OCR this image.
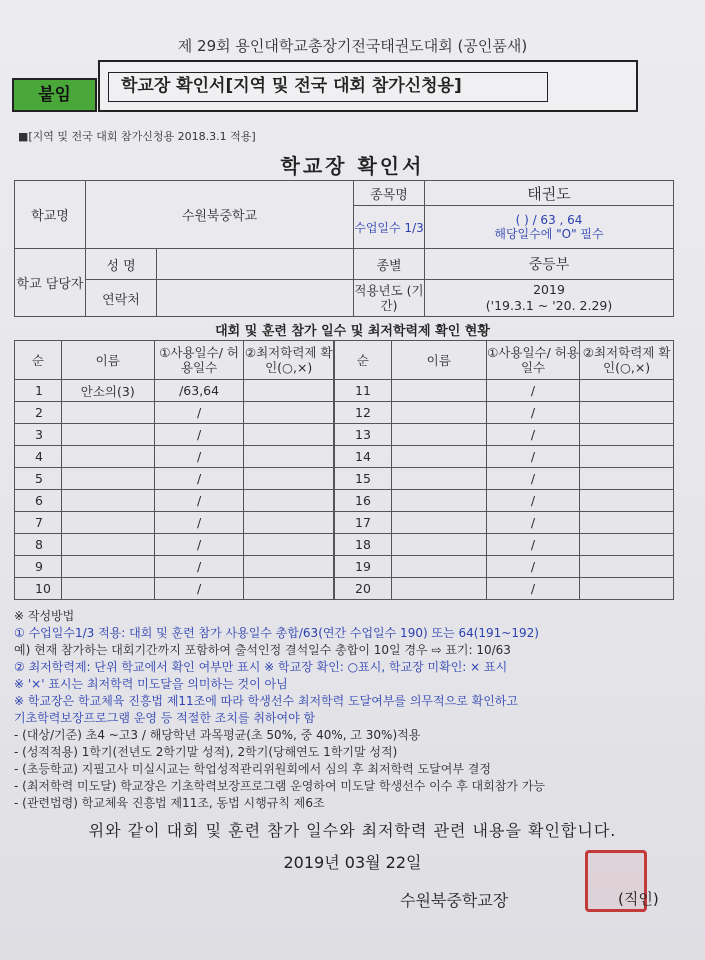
제 29회 용인대학교총장기전국태권도대회 (공인품새)
붙임	학교장 확인서[지역 및 전국 대회 참가신청용]
■[지역 및 전국 대회 참가신청용 2018.3.1 적용]
학교장 확인서
학교명	수원북중학교		종목명	태권도
			수업일수 1/3	( ) / 63 , 64
해당일수에 "O" 필수

학교 담당자	성 명		종별	중등부
	연락처		적용년도 (기간)	2019
('19.3.1 ~ '20. 2.29)
대회 및 훈련 참가 일수 및 최저학력제 확인 현황
순	이름	①사용일수/ 허용일수	②최저학력제 확인(○,×)
1	안소의(3)	/63,64	
2		/	
3		/	
4		/	
5		/	
6		/	
7		/	
8		/	
9		/	
10		/	
순	이름	①사용일수/ 허용일수	②최저학력제 확인(○,×)
11		/	
12		/	
13		/	
14		/	
15		/	
16		/	
17		/	
18		/	
19		/	
20		/	
※ 작성방법
① 수업일수1/3 적용: 대회 및 훈련 참가 사용일수 총합/63(연간 수업일수 190) 또는 64(191~192)
예) 현재 참가하는 대회기간까지 포함하여 출석인정 결석일수 총합이 10일 경우 ⇨ 표기: 10/63
② 최저학력제: 단위 학교에서 확인 여부만 표시 ※ 학교장 확인: ○표시, 학교장 미확인: × 표시
※ '×' 표시는 최저학력 미도달을 의미하는 것이 아님
※ 학교장은 학교체육 진흥법 제11조에 따라 학생선수 최저학력 도달여부를 의무적으로 확인하고
기초학력보장프로그램 운영 등 적절한 조치를 취하여야 함
- (대상/기준) 초4 ~고3 / 해당학년 과목평균(초 50%, 중 40%, 고 30%)적용
- (성적적용) 1학기(전년도 2학기말 성적), 2학기(당해연도 1학기말 성적)
- (초등학교) 지필고사 미실시교는 학업성적관리위원회에서 심의 후 최저학력 도달여부 결정
- (최저학력 미도달) 학교장은 기초학력보장프로그램 운영하여 미도달 학생선수 이수 후 대회참가 가능
- (관련법령) 학교체육 진흥법 제11조, 동법 시행규칙 제6조
위와 같이 대회 및 훈련 참가 일수와 최저학력 관련 내용을 확인합니다.
2019년 03월 22일
수원북중학교장	(직인)
